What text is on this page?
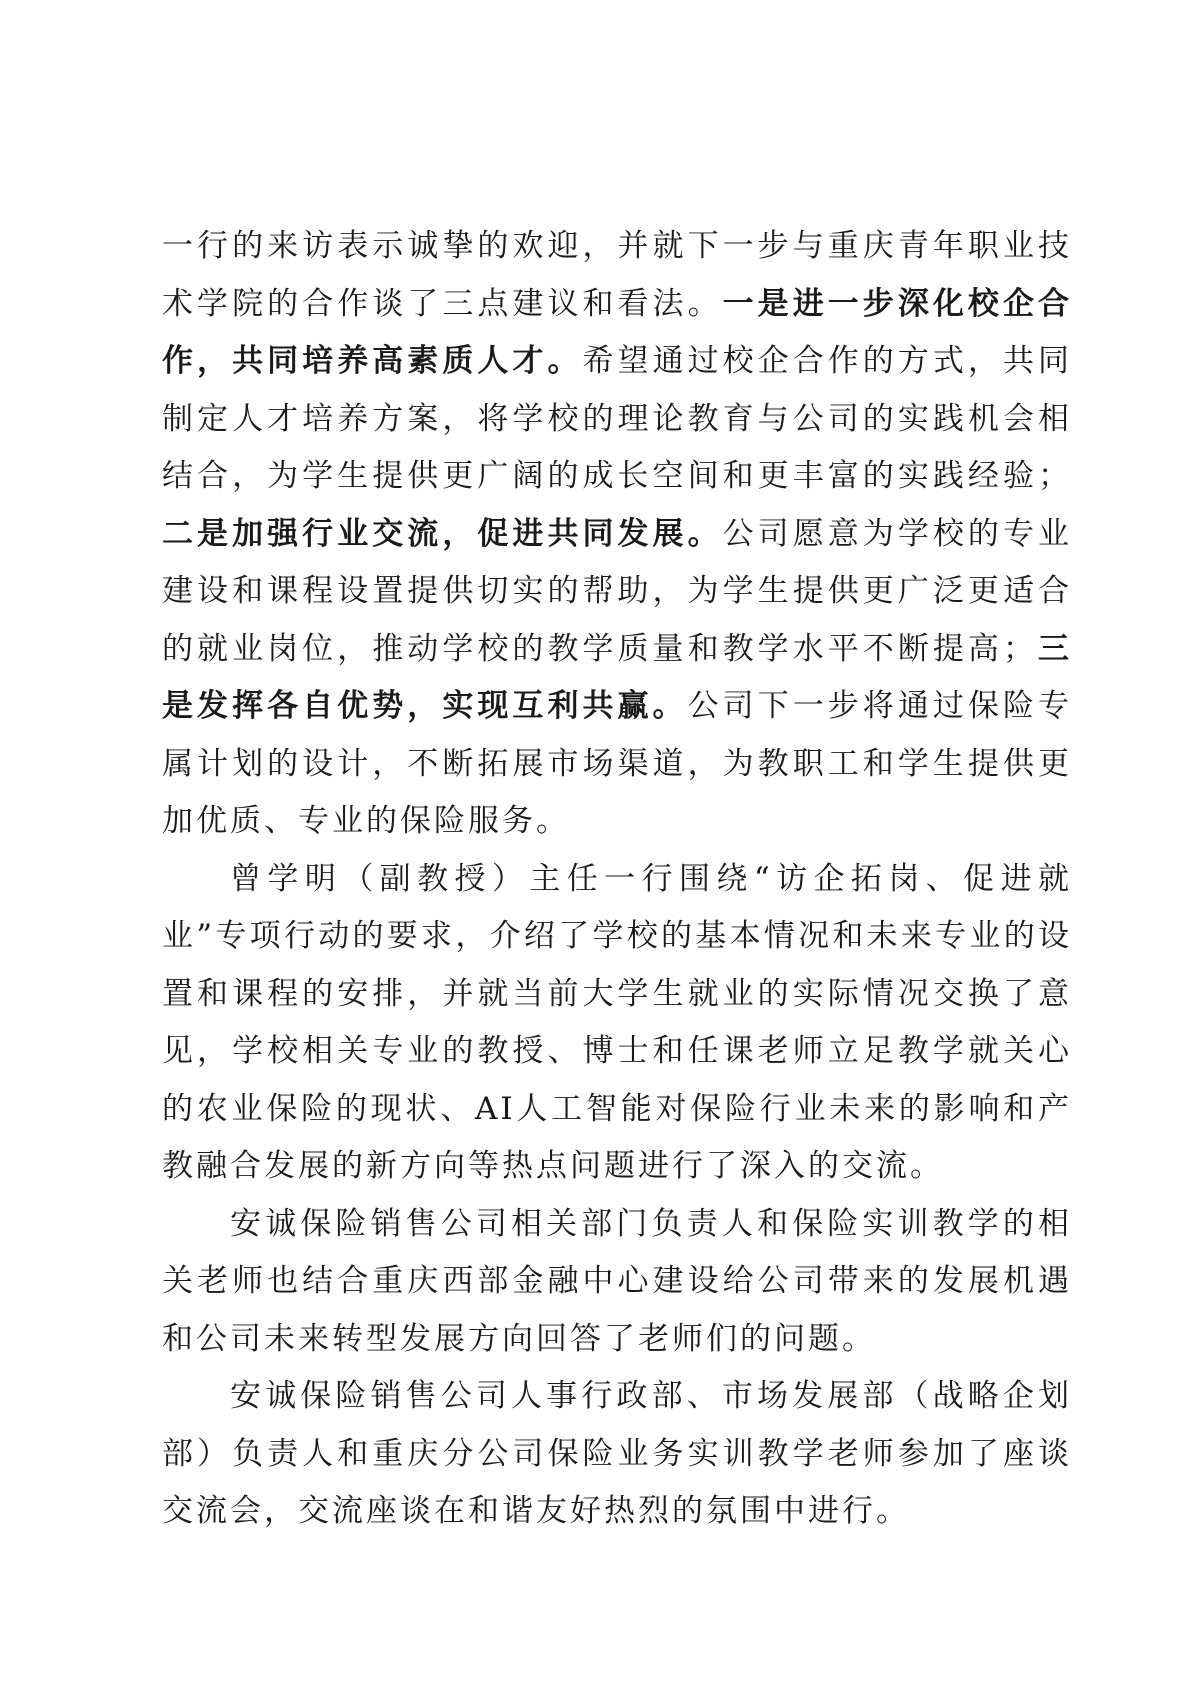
一行的来访表示诚挚的欢迎，并就下一步与重庆青年职业技术学院的合作谈了三点建议和看法。一是进一步深化校企合作，共同培养高素质人才。希望通过校企合作的方式，共同制定人才培养方案，将学校的理论教育与公司的实践机会相结合，为学生提供更广阔的成长空间和更丰富的实践经验；二是加强行业交流，促进共同发展。公司愿意为学校的专业建设和课程设置提供切实的帮助，为学生提供更广泛更适合的就业岗位，推动学校的教学质量和教学水平不断提高；三是发挥各自优势，实现互利共赢。公司下一步将通过保险专属计划的设计，不断拓展市场渠道，为教职工和学生提供更加优质、专业的保险服务。

曾学明（副教授）主任一行围绕“访企拓岗、促进就业”专项行动的要求，介绍了学校的基本情况和未来专业的设置和课程的安排，并就当前大学生就业的实际情况交换了意见，学校相关专业的教授、博士和任课老师立足教学就关心的农业保险的现状、AI人工智能对保险行业未来的影响和产教融合发展的新方向等热点问题进行了深入的交流。

安诚保险销售公司相关部门负责人和保险实训教学的相关老师也结合重庆西部金融中心建设给公司带来的发展机遇和公司未来转型发展方向回答了老师们的问题。

安诚保险销售公司人事行政部、市场发展部（战略企划部）负责人和重庆分公司保险业务实训教学老师参加了座谈交流会，交流座谈在和谐友好热烈的氛围中进行。
